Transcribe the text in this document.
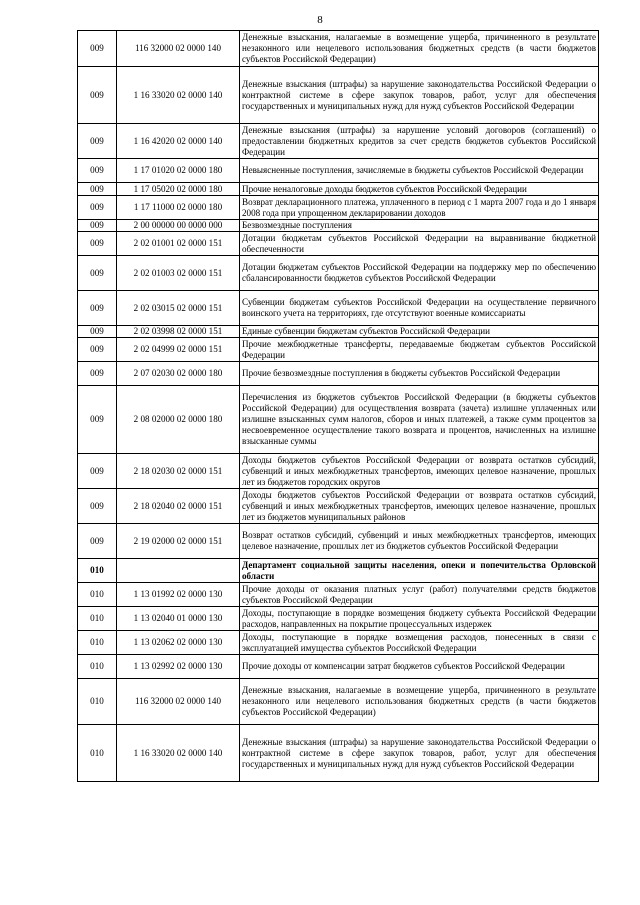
8
009	116 32000 02 0000 140	Денежные взыскания, налагаемые в возмещение ущерба, причиненного в результате незаконного или нецелевого использования бюджетных средств (в части бюджетов субъектов Российской Федерации)
009	1 16 33020 02 0000 140	Денежные взыскания (штрафы) за нарушение законодательства Российской Федерации о контрактной системе в сфере закупок товаров, работ, услуг для обеспечения государственных и муниципальных нужд для нужд субъектов Российской Федерации
009	1 16 42020 02 0000 140	Денежные взыскания (штрафы) за нарушение условий договоров (соглашений) о предоставлении бюджетных кредитов за счет средств бюджетов субъектов Российской Федерации
009	1 17 01020 02 0000 180	Невыясненные поступления, зачисляемые в бюджеты субъектов Российской Федерации
009	1 17 05020 02 0000 180	Прочие неналоговые доходы бюджетов субъектов Российской Федерации
009	1 17 11000 02 0000 180	Возврат декларационного платежа, уплаченного в период с 1 марта 2007 года и до 1 января 2008 года при упрощенном декларировании доходов
009	2 00 00000 00 0000 000	Безвозмездные поступления
009	2 02 01001 02 0000 151	Дотации бюджетам субъектов Российской Федерации на выравнивание бюджетной обеспеченности
009	2 02 01003 02 0000 151	Дотации бюджетам субъектов Российской Федерации на поддержку мер по обеспечению сбалансированности бюджетов субъектов Российской Федерации
009	2 02 03015 02 0000 151	Субвенции бюджетам субъектов Российской Федерации на осуществление первичного воинского учета на территориях, где отсутствуют военные комиссариаты
009	2 02 03998 02 0000 151	Единые субвенции бюджетам субъектов Российской Федерации
009	2 02 04999 02 0000 151	Прочие межбюджетные трансферты, передаваемые бюджетам субъектов Российской Федерации
009	2 07 02030 02 0000 180	Прочие безвозмездные поступления в бюджеты субъектов Российской Федерации
009	2 08 02000 02 0000 180	Перечисления из бюджетов субъектов Российской Федерации (в бюджеты субъектов Российской Федерации) для осуществления возврата (зачета) излишне уплаченных или излишне взысканных сумм налогов, сборов и иных платежей, а также сумм процентов за несвоевременное осуществление такого возврата и процентов, начисленных на излишне взысканные суммы
009	2 18 02030 02 0000 151	Доходы бюджетов субъектов Российской Федерации от возврата остатков субсидий, субвенций и иных межбюджетных трансфертов, имеющих целевое назначение, прошлых лет из бюджетов городских округов
009	2 18 02040 02 0000 151	Доходы бюджетов субъектов Российской Федерации от возврата остатков субсидий, субвенций и иных межбюджетных трансфертов, имеющих целевое назначение, прошлых лет из бюджетов муниципальных районов
009	2 19 02000 02 0000 151	Возврат остатков субсидий, субвенций и иных межбюджетных трансфертов, имеющих целевое назначение, прошлых лет из бюджетов субъектов Российской Федерации
010		Департамент социальной защиты населения, опеки и попечительства Орловской области
010	1 13 01992 02 0000 130	Прочие доходы от оказания платных услуг (работ) получателями средств бюджетов субъектов Российской Федерации
010	1 13 02040 01 0000 130	Доходы, поступающие в порядке возмещения бюджету субъекта Российской Федерации расходов, направленных на покрытие процессуальных издержек
010	1 13 02062 02 0000 130	Доходы, поступающие в порядке возмещения расходов, понесенных в связи с эксплуатацией имущества субъектов Российской Федерации
010	1 13 02992 02 0000 130	Прочие доходы от компенсации затрат бюджетов субъектов Российской Федерации
010	116 32000 02 0000 140	Денежные взыскания, налагаемые в возмещение ущерба, причиненного в результате незаконного или нецелевого использования бюджетных средств (в части бюджетов субъектов Российской Федерации)
010	1 16 33020 02 0000 140	Денежные взыскания (штрафы) за нарушение законодательства Российской Федерации о контрактной системе в сфере закупок товаров, работ, услуг для обеспечения государственных и муниципальных нужд для нужд субъектов Российской Федерации
